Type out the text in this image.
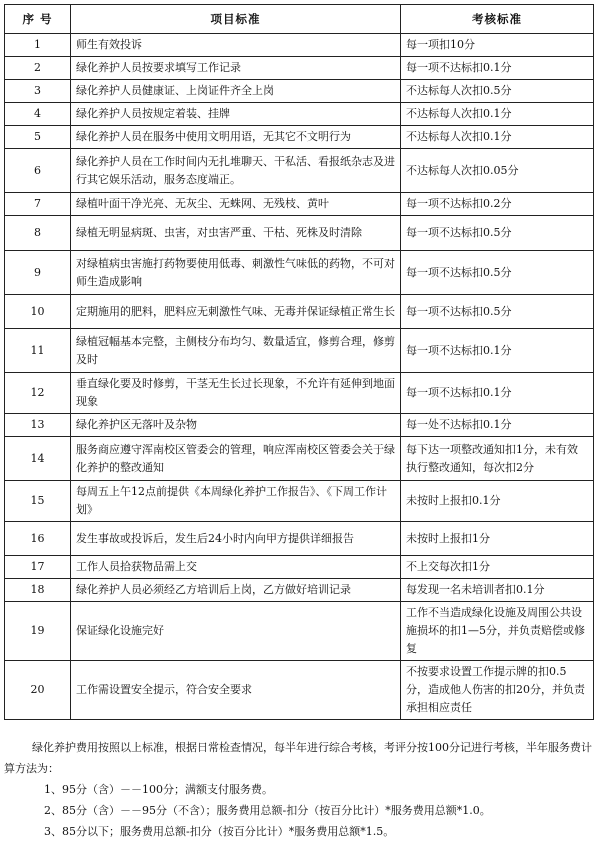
序 号	项目标准	考核标准
1	师生有效投诉	每一项扣10分
2	绿化养护人员按要求填写工作记录	每一项不达标扣0.1分
3	绿化养护人员健康证、上岗证件齐全上岗	不达标每人次扣0.5分
4	绿化养护人员按规定着装、挂牌	不达标每人次扣0.1分
5	绿化养护人员在服务中使用文明用语，无其它不文明行为	不达标每人次扣0.1分
6	绿化养护人员在工作时间内无扎堆聊天、干私活、看报纸杂志及进行其它娱乐活动，服务态度端正。	不达标每人次扣0.05分
7	绿植叶面干净光亮、无灰尘、无蛛网、无残枝、黄叶	每一项不达标扣0.2分
8	绿植无明显病斑、虫害，对虫害严重、干枯、死株及时清除	每一项不达标扣0.5分
9	对绿植病虫害施打药物要使用低毒、刺激性气味低的药物，不可对师生造成影响	每一项不达标扣0.5分
10	定期施用的肥料，肥料应无刺激性气味、无毒并保证绿植正常生长	每一项不达标扣0.5分
11	绿植冠幅基本完整，主侧枝分布均匀、数量适宜，修剪合理，修剪及时	每一项不达标扣0.1分
12	垂直绿化要及时修剪，干茎无生长过长现象，不允许有延伸到地面现象	每一项不达标扣0.1分
13	绿化养护区无落叶及杂物	每一处不达标扣0.1分
14	服务商应遵守浑南校区管委会的管理，响应浑南校区管委会关于绿化养护的整改通知	每下达一项整改通知扣1分，未有效执行整改通知，每次扣2分
15	每周五上午12点前提供《本周绿化养护工作报告》、《下周工作计划》	未按时上报扣0.1分
16	发生事故或投诉后，发生后24小时内向甲方提供详细报告	未按时上报扣1分
17	工作人员拾获物品需上交	不上交每次扣1分
18	绿化养护人员必须经乙方培训后上岗，乙方做好培训记录	每发现一名未培训者扣0.1分
19	保证绿化设施完好	工作不当造成绿化设施及周围公共设施损坏的扣1—5分，并负责赔偿或修复
20	工作需设置安全提示，符合安全要求	不按要求设置工作提示牌的扣0.5分，造成他人伤害的扣20分，并负责承担相应责任

绿化养护费用按照以上标准，根据日常检查情况，每半年进行综合考核，考评分按100分记进行考核，半年服务费计算方法为：

1、95分（含）－－100分；满额支付服务费。

2、85分（含）－－95分（不含）；服务费用总额-扣分（按百分比计）*服务费用总额*1.0。

3、85分以下；服务费用总额-扣分（按百分比计）*服务费用总额*1.5。
